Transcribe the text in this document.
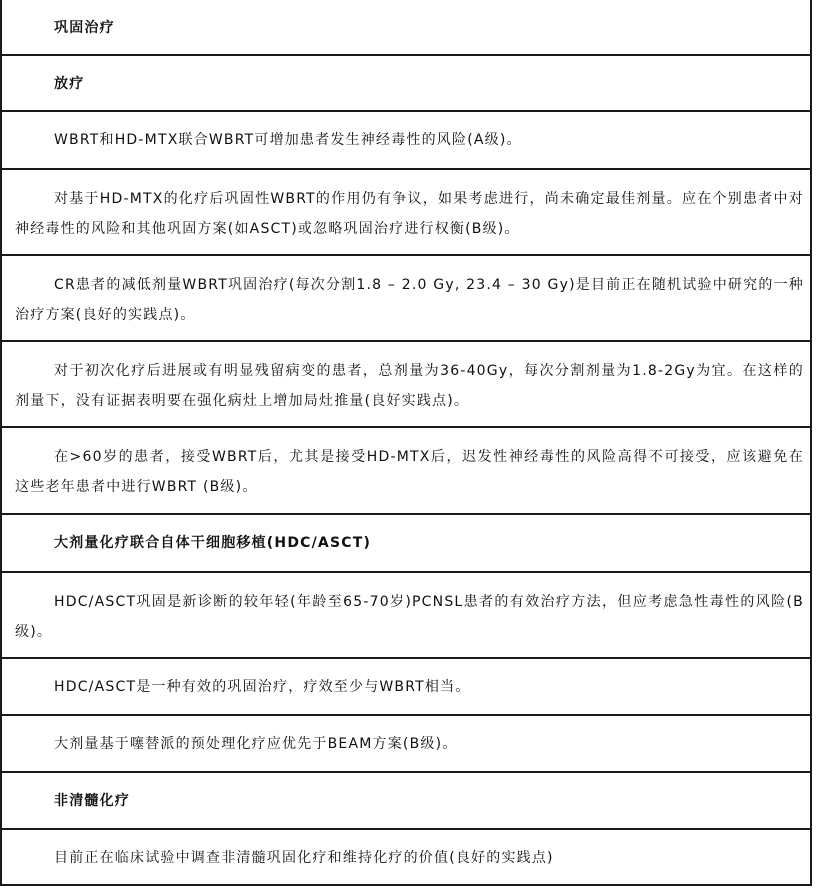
巩固治疗
放疗
WBRT和HD-MTX联合WBRT可增加患者发生神经毒性的风险(A级)。
对基于HD-MTX的化疗后巩固性WBRT的作用仍有争议，如果考虑进行，尚未确定最佳剂量。应在个别患者中对神经毒性的风险和其他巩固方案(如ASCT)或忽略巩固治疗进行权衡(B级)。
CR患者的减低剂量WBRT巩固治疗(每次分割1.8 – 2.0 Gy, 23.4 – 30 Gy)是目前正在随机试验中研究的一种治疗方案(良好的实践点)。
对于初次化疗后进展或有明显残留病变的患者，总剂量为36-40Gy，每次分割剂量为1.8-2Gy为宜。在这样的剂量下，没有证据表明要在强化病灶上增加局灶推量(良好实践点)。
在>60岁的患者，接受WBRT后，尤其是接受HD-MTX后，迟发性神经毒性的风险高得不可接受，应该避免在这些老年患者中进行WBRT (B级)。
大剂量化疗联合自体干细胞移植(HDC/ASCT)
HDC/ASCT巩固是新诊断的较年轻(年龄至65-70岁)PCNSL患者的有效治疗方法，但应考虑急性毒性的风险(B级)。
HDC/ASCT是一种有效的巩固治疗，疗效至少与WBRT相当。
大剂量基于噻替派的预处理化疗应优先于BEAM方案(B级)。
非清髓化疗
目前正在临床试验中调查非清髓巩固化疗和维持化疗的价值(良好的实践点)
